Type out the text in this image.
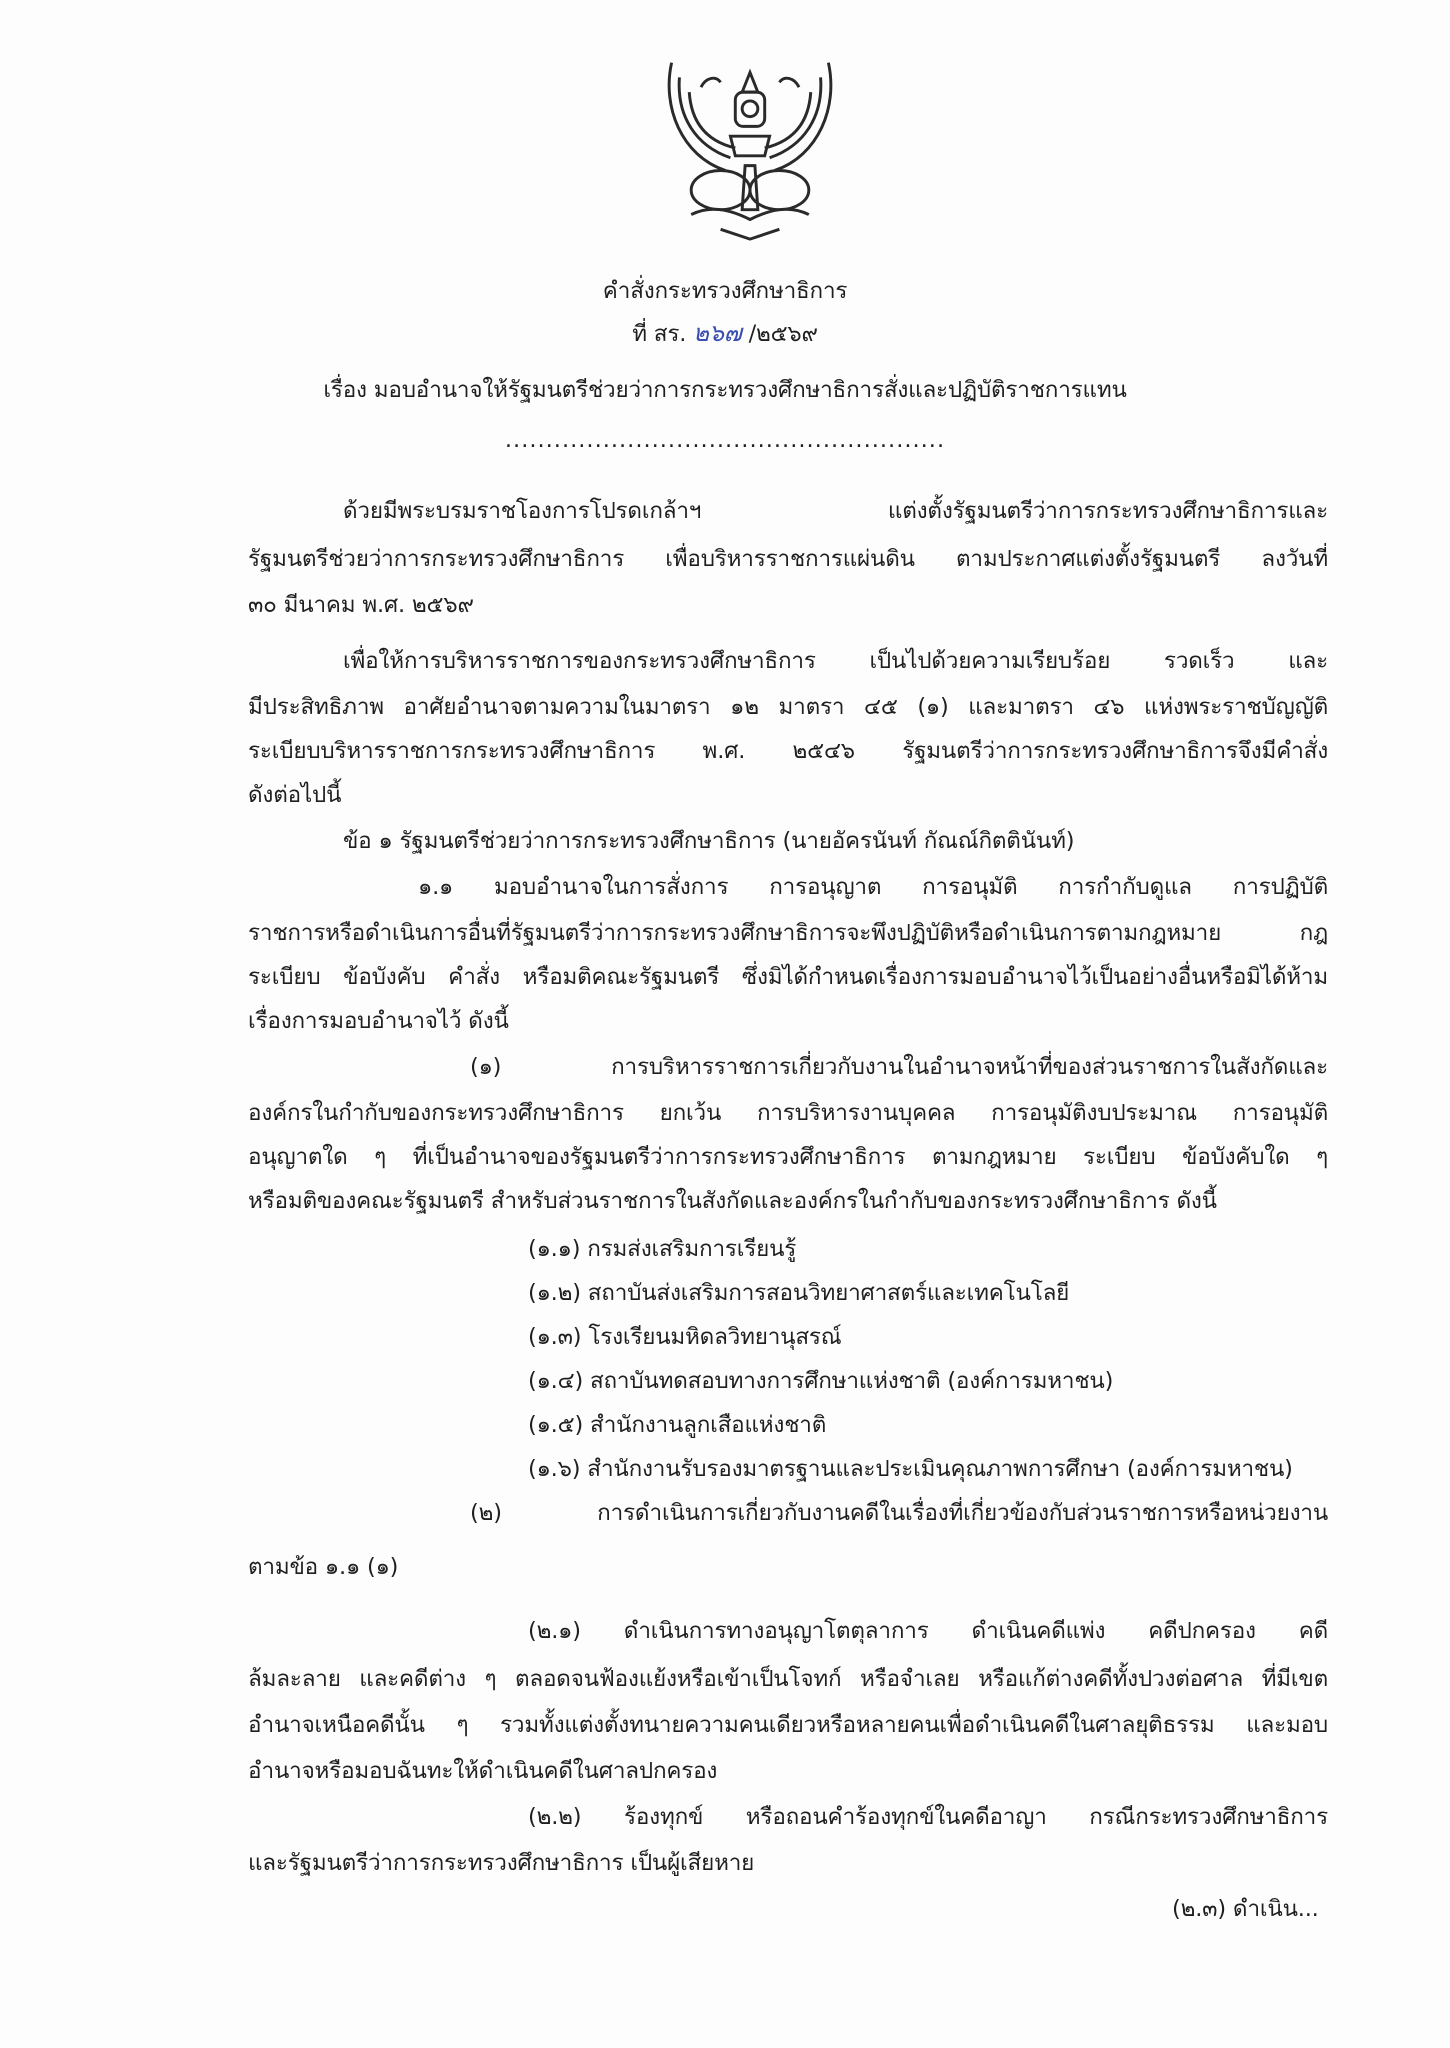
คำสั่งกระทรวงศึกษาธิการ
ที่ สร. ๒๖๗ /๒๕๖๙
เรื่อง มอบอำนาจให้รัฐมนตรีช่วยว่าการกระทรวงศึกษาธิการสั่งและปฏิบัติราชการแทน
......................................................
ด้วยมีพระบรมราชโองการโปรดเกล้าฯ แต่งตั้งรัฐมนตรีว่าการกระทรวงศึกษาธิการและ
รัฐมนตรีช่วยว่าการกระทรวงศึกษาธิการ เพื่อบริหารราชการแผ่นดิน ตามประกาศแต่งตั้งรัฐมนตรี ลงวันที่
๓๐ มีนาคม พ.ศ. ๒๕๖๙
เพื่อให้การบริหารราชการของกระทรวงศึกษาธิการ เป็นไปด้วยความเรียบร้อย รวดเร็ว และ
มีประสิทธิภาพ อาศัยอำนาจตามความในมาตรา ๑๒ มาตรา ๔๕ (๑) และมาตรา ๔๖ แห่งพระราชบัญญัติ
ระเบียบบริหารราชการกระทรวงศึกษาธิการ พ.ศ. ๒๕๔๖ รัฐมนตรีว่าการกระทรวงศึกษาธิการจึงมีคำสั่ง
ดังต่อไปนี้
ข้อ ๑ รัฐมนตรีช่วยว่าการกระทรวงศึกษาธิการ (นายอัครนันท์ กัณณ์กิตตินันท์)
๑.๑ มอบอำนาจในการสั่งการ การอนุญาต การอนุมัติ การกำกับดูแล การปฏิบัติ
ราชการหรือดำเนินการอื่นที่รัฐมนตรีว่าการกระทรวงศึกษาธิการจะพึงปฏิบัติหรือดำเนินการตามกฎหมาย กฎ
ระเบียบ ข้อบังคับ คำสั่ง หรือมติคณะรัฐมนตรี ซึ่งมิได้กำหนดเรื่องการมอบอำนาจไว้เป็นอย่างอื่นหรือมิได้ห้าม
เรื่องการมอบอำนาจไว้ ดังนี้
(๑) การบริหารราชการเกี่ยวกับงานในอำนาจหน้าที่ของส่วนราชการในสังกัดและ
องค์กรในกำกับของกระทรวงศึกษาธิการ ยกเว้น การบริหารงานบุคคล การอนุมัติงบประมาณ การอนุมัติ
อนุญาตใด ๆ ที่เป็นอำนาจของรัฐมนตรีว่าการกระทรวงศึกษาธิการ ตามกฎหมาย ระเบียบ ข้อบังคับใด ๆ
หรือมติของคณะรัฐมนตรี สำหรับส่วนราชการในสังกัดและองค์กรในกำกับของกระทรวงศึกษาธิการ ดังนี้
(๑.๑) กรมส่งเสริมการเรียนรู้
(๑.๒) สถาบันส่งเสริมการสอนวิทยาศาสตร์และเทคโนโลยี
(๑.๓) โรงเรียนมหิดลวิทยานุสรณ์
(๑.๔) สถาบันทดสอบทางการศึกษาแห่งชาติ (องค์การมหาชน)
(๑.๕) สำนักงานลูกเสือแห่งชาติ
(๑.๖) สำนักงานรับรองมาตรฐานและประเมินคุณภาพการศึกษา (องค์การมหาชน)
(๒) การดำเนินการเกี่ยวกับงานคดีในเรื่องที่เกี่ยวข้องกับส่วนราชการหรือหน่วยงาน
ตามข้อ ๑.๑ (๑)
(๒.๑) ดำเนินการทางอนุญาโตตุลาการ ดำเนินคดีแพ่ง คดีปกครอง คดี
ล้มละลาย และคดีต่าง ๆ ตลอดจนฟ้องแย้งหรือเข้าเป็นโจทก์ หรือจำเลย หรือแก้ต่างคดีทั้งปวงต่อศาล ที่มีเขต
อำนาจเหนือคดีนั้น ๆ รวมทั้งแต่งตั้งทนายความคนเดียวหรือหลายคนเพื่อดำเนินคดีในศาลยุติธรรม และมอบ
อำนาจหรือมอบฉันทะให้ดำเนินคดีในศาลปกครอง
(๒.๒) ร้องทุกข์ หรือถอนคำร้องทุกข์ในคดีอาญา กรณีกระทรวงศึกษาธิการ
และรัฐมนตรีว่าการกระทรวงศึกษาธิการ เป็นผู้เสียหาย
(๒.๓) ดำเนิน...
